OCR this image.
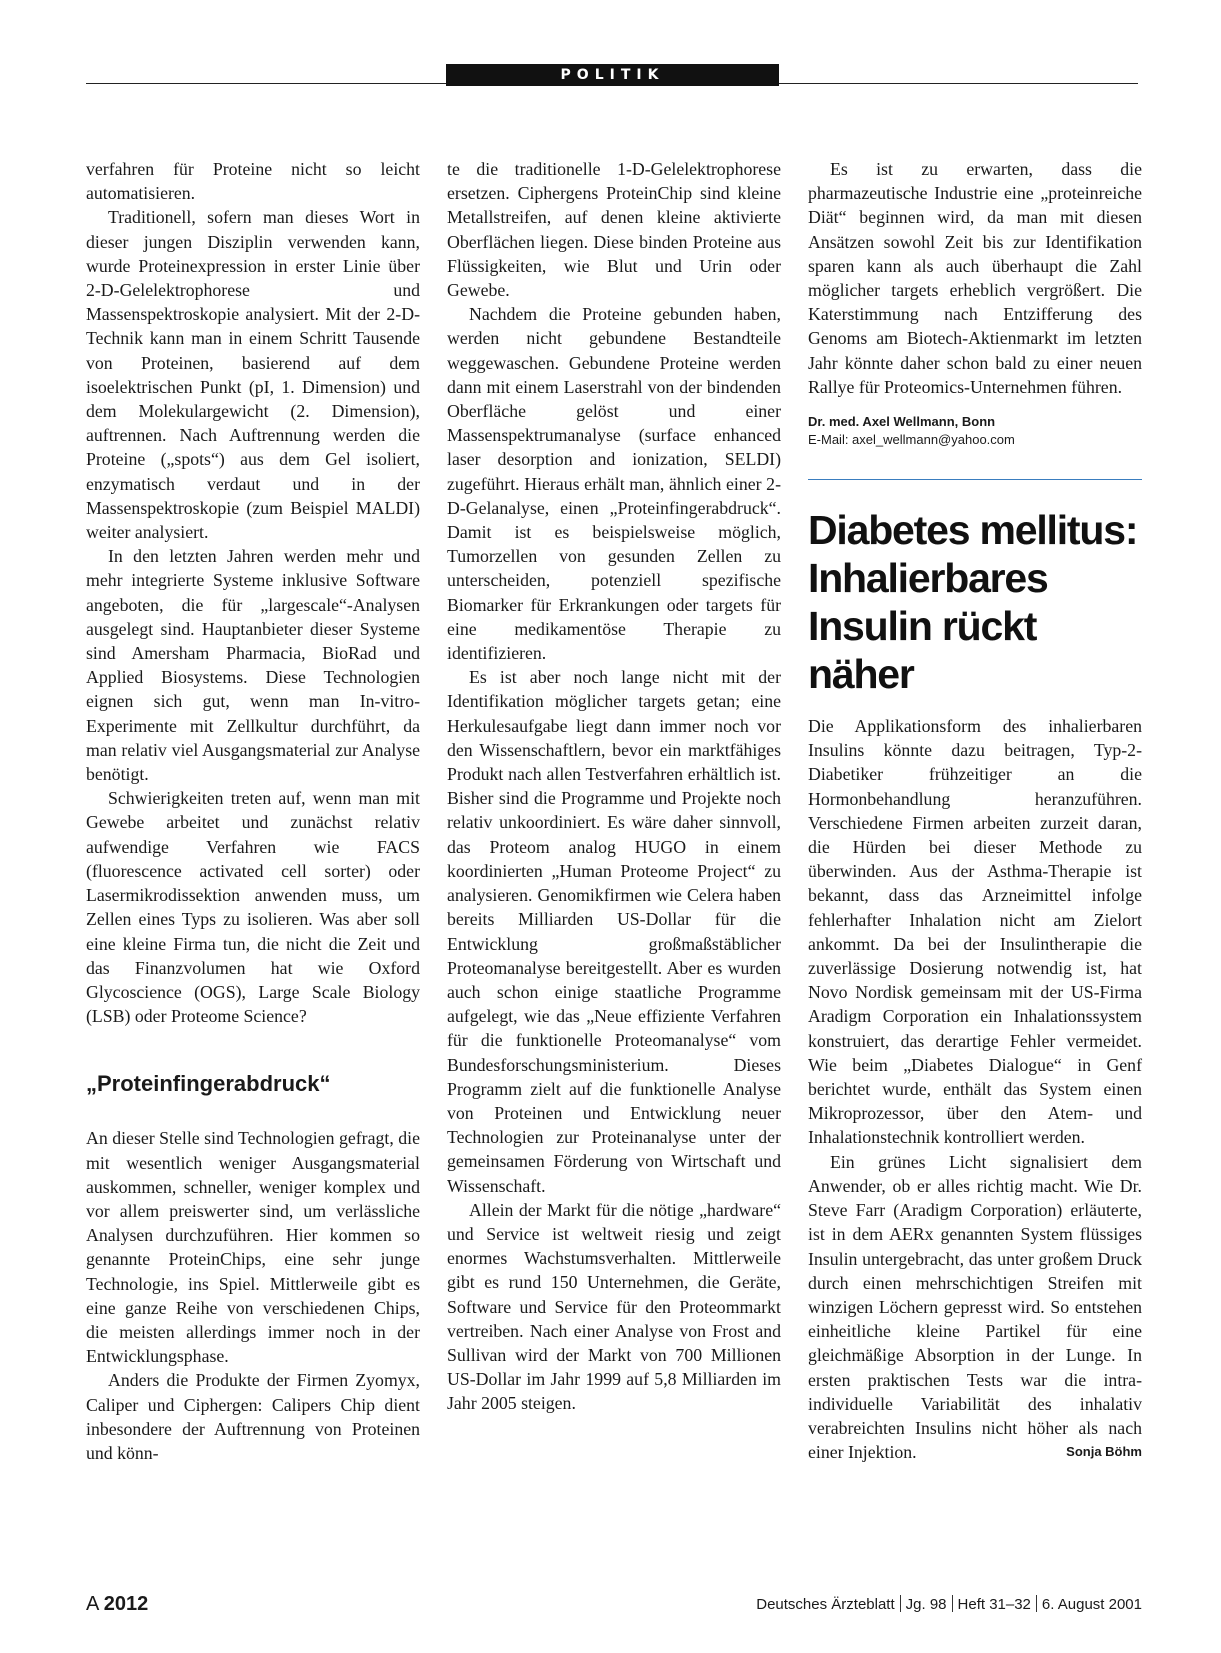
POLITIK

verfahren für Proteine nicht so leicht automatisieren.

Traditionell, sofern man dieses Wort in dieser jungen Disziplin verwenden kann, wurde Proteinexpression in erster Linie über 2-D-Gelelektrophorese und Massenspektroskopie analysiert. Mit der 2-D-Technik kann man in einem Schritt Tausende von Proteinen, basierend auf dem isoelektrischen Punkt (pI, 1. Dimension) und dem Molekulargewicht (2. Dimension), auftrennen. Nach Auftrennung werden die Proteine („spots“) aus dem Gel isoliert, enzymatisch verdaut und in der Massenspektroskopie (zum Beispiel MALDI) weiter analysiert.

In den letzten Jahren werden mehr und mehr integrierte Systeme inklusive Software angeboten, die für „largescale“-Analysen ausgelegt sind. Hauptanbieter dieser Systeme sind Amersham Pharmacia, BioRad und Applied Biosystems. Diese Technologien eignen sich gut, wenn man In-vitro-Experimente mit Zellkultur durchführt, da man relativ viel Ausgangsmaterial zur Analyse benötigt.

Schwierigkeiten treten auf, wenn man mit Gewebe arbeitet und zunächst relativ aufwendige Verfahren wie FACS (fluorescence activated cell sorter) oder Lasermikrodissektion anwenden muss, um Zellen eines Typs zu isolieren. Was aber soll eine kleine Firma tun, die nicht die Zeit und das Finanzvolumen hat wie Oxford Glycoscience (OGS), Large Scale Biology (LSB) oder Proteome Science?

„Proteinfingerabdruck“

An dieser Stelle sind Technologien gefragt, die mit wesentlich weniger Ausgangsmaterial auskommen, schneller, weniger komplex und vor allem preiswerter sind, um verlässliche Analysen durchzuführen. Hier kommen so genannte ProteinChips, eine sehr junge Technologie, ins Spiel. Mittlerweile gibt es eine ganze Reihe von verschiedenen Chips, die meisten allerdings immer noch in der Entwicklungsphase.

Anders die Produkte der Firmen Zyomyx, Caliper und Ciphergen: Calipers Chip dient inbesondere der Auftrennung von Proteinen und könn-

te die traditionelle 1-D-Gelelektrophorese ersetzen. Ciphergens ProteinChip sind kleine Metallstreifen, auf denen kleine aktivierte Oberflächen liegen. Diese binden Proteine aus Flüssigkeiten, wie Blut und Urin oder Gewebe.

Nachdem die Proteine gebunden haben, werden nicht gebundene Bestandteile weggewaschen. Gebundene Proteine werden dann mit einem Laserstrahl von der bindenden Oberfläche gelöst und einer Massenspektrumanalyse (surface enhanced laser desorption and ionization, SELDI) zugeführt. Hieraus erhält man, ähnlich einer 2-D-Gelanalyse, einen „Proteinfingerabdruck“. Damit ist es beispielsweise möglich, Tumorzellen von gesunden Zellen zu unterscheiden, potenziell spezifische Biomarker für Erkrankungen oder targets für eine medikamentöse Therapie zu identifizieren.

Es ist aber noch lange nicht mit der Identifikation möglicher targets getan; eine Herkulesaufgabe liegt dann immer noch vor den Wissenschaftlern, bevor ein marktfähiges Produkt nach allen Testverfahren erhältlich ist. Bisher sind die Programme und Projekte noch relativ unkoordiniert. Es wäre daher sinnvoll, das Proteom analog HUGO in einem koordinierten „Human Proteome Project“ zu analysieren. Genomikfirmen wie Celera haben bereits Milliarden US-Dollar für die Entwicklung großmaßstäblicher Proteomanalyse bereitgestellt. Aber es wurden auch schon einige staatliche Programme aufgelegt, wie das „Neue effiziente Verfahren für die funktionelle Proteomanalyse“ vom Bundesforschungsministerium. Dieses Programm zielt auf die funktionelle Analyse von Proteinen und Entwicklung neuer Technologien zur Proteinanalyse unter der gemeinsamen Förderung von Wirtschaft und Wissenschaft.

Allein der Markt für die nötige „hardware“ und Service ist weltweit riesig und zeigt enormes Wachstumsverhalten. Mittlerweile gibt es rund 150 Unternehmen, die Geräte, Software und Service für den Proteommarkt vertreiben. Nach einer Analyse von Frost and Sullivan wird der Markt von 700 Millionen US-Dollar im Jahr 1999 auf 5,8 Milliarden im Jahr 2005 steigen.

Es ist zu erwarten, dass die pharmazeutische Industrie eine „proteinreiche Diät“ beginnen wird, da man mit diesen Ansätzen sowohl Zeit bis zur Identifikation sparen kann als auch überhaupt die Zahl möglicher targets erheblich vergrößert. Die Katerstimmung nach Entzifferung des Genoms am Biotech-Aktienmarkt im letzten Jahr könnte daher schon bald zu einer neuen Rallye für Proteomics-Unternehmen führen.

Dr. med. Axel Wellmann, Bonn

E-Mail: axel_wellmann@yahoo.com

Diabetes mellitus:
Inhalierbares
Insulin rückt näher

Die Applikationsform des inhalierbaren Insulins könnte dazu beitragen, Typ-2-Diabetiker frühzeitiger an die Hormonbehandlung heranzuführen. Verschiedene Firmen arbeiten zurzeit daran, die Hürden bei dieser Methode zu überwinden. Aus der Asthma-Therapie ist bekannt, dass das Arzneimittel infolge fehlerhafter Inhalation nicht am Zielort ankommt. Da bei der Insulintherapie die zuverlässige Dosierung notwendig ist, hat Novo Nordisk gemeinsam mit der US-Firma Aradigm Corporation ein Inhalationssystem konstruiert, das derartige Fehler vermeidet. Wie beim „Diabetes Dialogue“ in Genf berichtet wurde, enthält das System einen Mikroprozessor, über den Atem- und Inhalationstechnik kontrolliert werden.

Ein grünes Licht signalisiert dem Anwender, ob er alles richtig macht. Wie Dr. Steve Farr (Aradigm Corporation) erläuterte, ist in dem AERx genannten System flüssiges Insulin untergebracht, das unter großem Druck durch einen mehrschichtigen Streifen mit winzigen Löchern gepresst wird. So entstehen einheitliche kleine Partikel für eine gleichmäßige Absorption in der Lunge. In ersten praktischen Tests war die intra-individuelle Variabilität des inhalativ verabreichten Insulins nicht höher als nach einer Injektion.	Sonja Böhm

A 2012	Deutsches Ärzteblatt Jg. 98 Heft 31–32 6. August 2001
